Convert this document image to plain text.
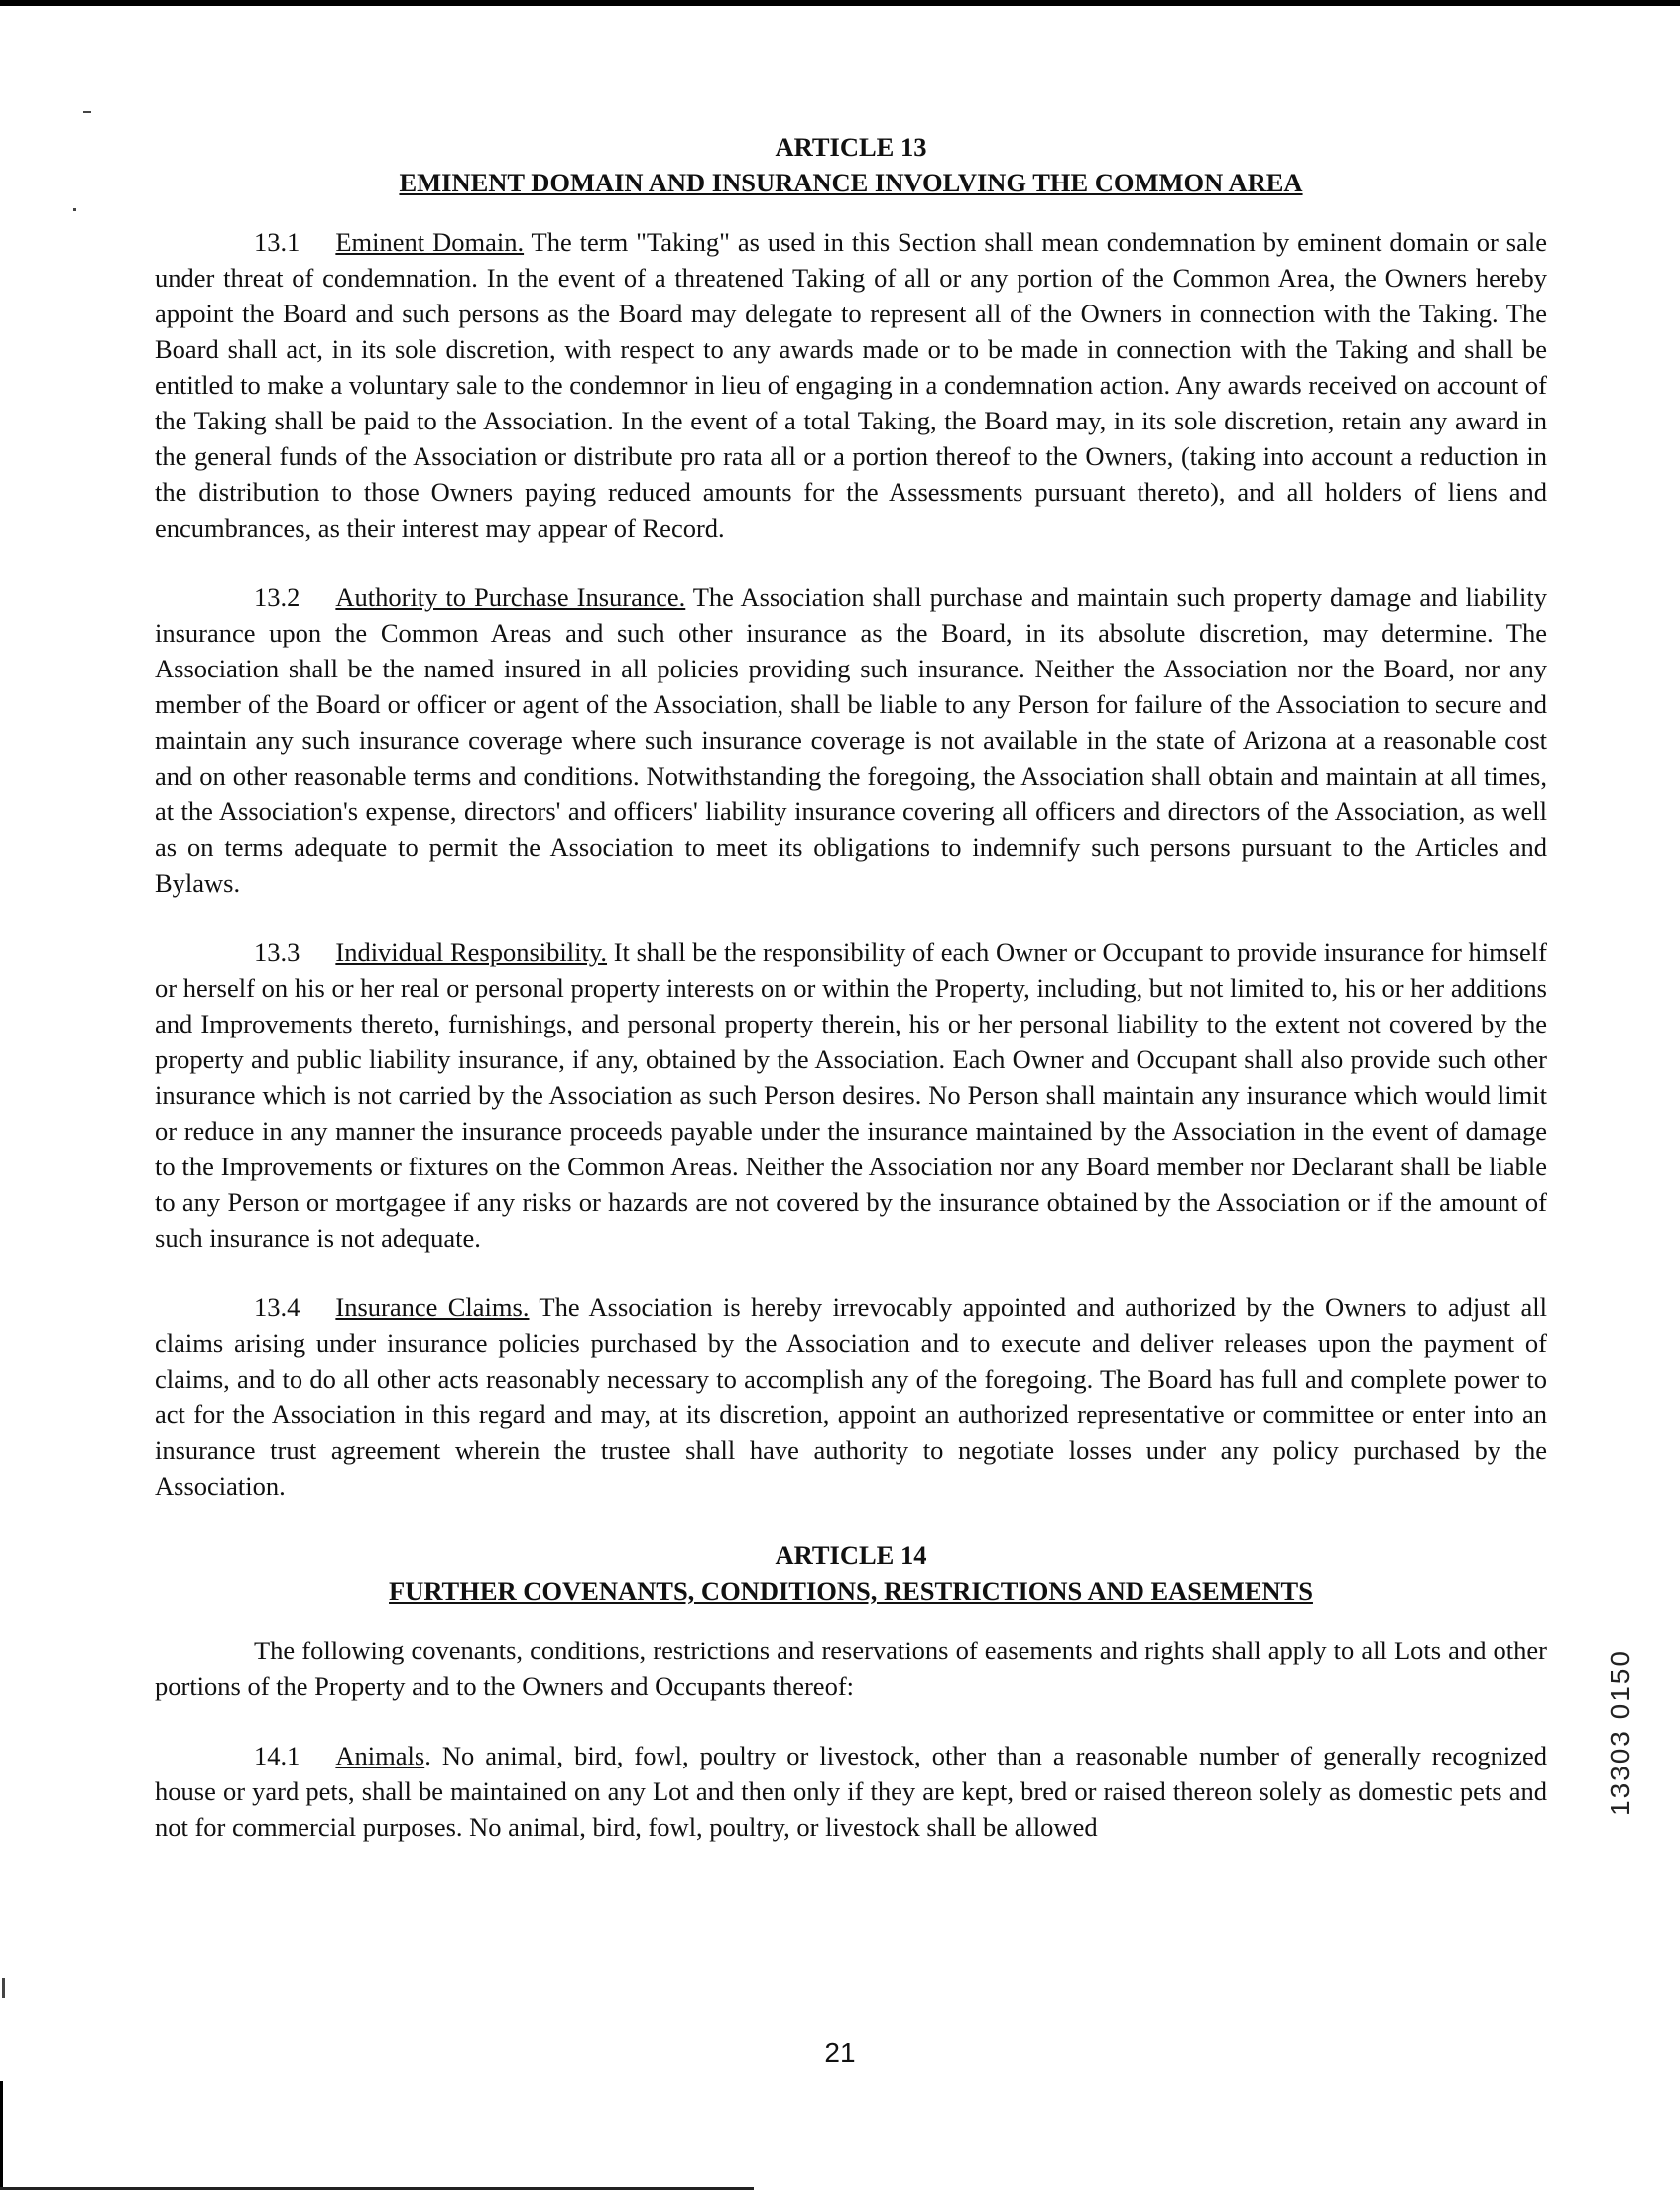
ARTICLE 13
EMINENT DOMAIN AND INSURANCE INVOLVING THE COMMON AREA

13.1 Eminent Domain. The term "Taking" as used in this Section shall mean condemnation by eminent domain or sale under threat of condemnation. In the event of a threatened Taking of all or any portion of the Common Area, the Owners hereby appoint the Board and such persons as the Board may delegate to represent all of the Owners in connection with the Taking. The Board shall act, in its sole discretion, with respect to any awards made or to be made in connection with the Taking and shall be entitled to make a voluntary sale to the condemnor in lieu of engaging in a condemnation action. Any awards received on account of the Taking shall be paid to the Association. In the event of a total Taking, the Board may, in its sole discretion, retain any award in the general funds of the Association or distribute pro rata all or a portion thereof to the Owners, (taking into account a reduction in the distribution to those Owners paying reduced amounts for the Assessments pursuant thereto), and all holders of liens and encumbrances, as their interest may appear of Record.

13.2 Authority to Purchase Insurance. The Association shall purchase and maintain such property damage and liability insurance upon the Common Areas and such other insurance as the Board, in its absolute discretion, may determine. The Association shall be the named insured in all policies providing such insurance. Neither the Association nor the Board, nor any member of the Board or officer or agent of the Association, shall be liable to any Person for failure of the Association to secure and maintain any such insurance coverage where such insurance coverage is not available in the state of Arizona at a reasonable cost and on other reasonable terms and conditions. Notwithstanding the foregoing, the Association shall obtain and maintain at all times, at the Association's expense, directors' and officers' liability insurance covering all officers and directors of the Association, as well as on terms adequate to permit the Association to meet its obligations to indemnify such persons pursuant to the Articles and Bylaws.

13.3 Individual Responsibility. It shall be the responsibility of each Owner or Occupant to provide insurance for himself or herself on his or her real or personal property interests on or within the Property, including, but not limited to, his or her additions and Improvements thereto, furnishings, and personal property therein, his or her personal liability to the extent not covered by the property and public liability insurance, if any, obtained by the Association. Each Owner and Occupant shall also provide such other insurance which is not carried by the Association as such Person desires. No Person shall maintain any insurance which would limit or reduce in any manner the insurance proceeds payable under the insurance maintained by the Association in the event of damage to the Improvements or fixtures on the Common Areas. Neither the Association nor any Board member nor Declarant shall be liable to any Person or mortgagee if any risks or hazards are not covered by the insurance obtained by the Association or if the amount of such insurance is not adequate.

13.4 Insurance Claims. The Association is hereby irrevocably appointed and authorized by the Owners to adjust all claims arising under insurance policies purchased by the Association and to execute and deliver releases upon the payment of claims, and to do all other acts reasonably necessary to accomplish any of the foregoing. The Board has full and complete power to act for the Association in this regard and may, at its discretion, appoint an authorized representative or committee or enter into an insurance trust agreement wherein the trustee shall have authority to negotiate losses under any policy purchased by the Association.

ARTICLE 14
FURTHER COVENANTS, CONDITIONS, RESTRICTIONS AND EASEMENTS

The following covenants, conditions, restrictions and reservations of easements and rights shall apply to all Lots and other portions of the Property and to the Owners and Occupants thereof:

14.1 Animals. No animal, bird, fowl, poultry or livestock, other than a reasonable number of generally recognized house or yard pets, shall be maintained on any Lot and then only if they are kept, bred or raised thereon solely as domestic pets and not for commercial purposes. No animal, bird, fowl, poultry, or livestock shall be allowed

13303 0150
21
